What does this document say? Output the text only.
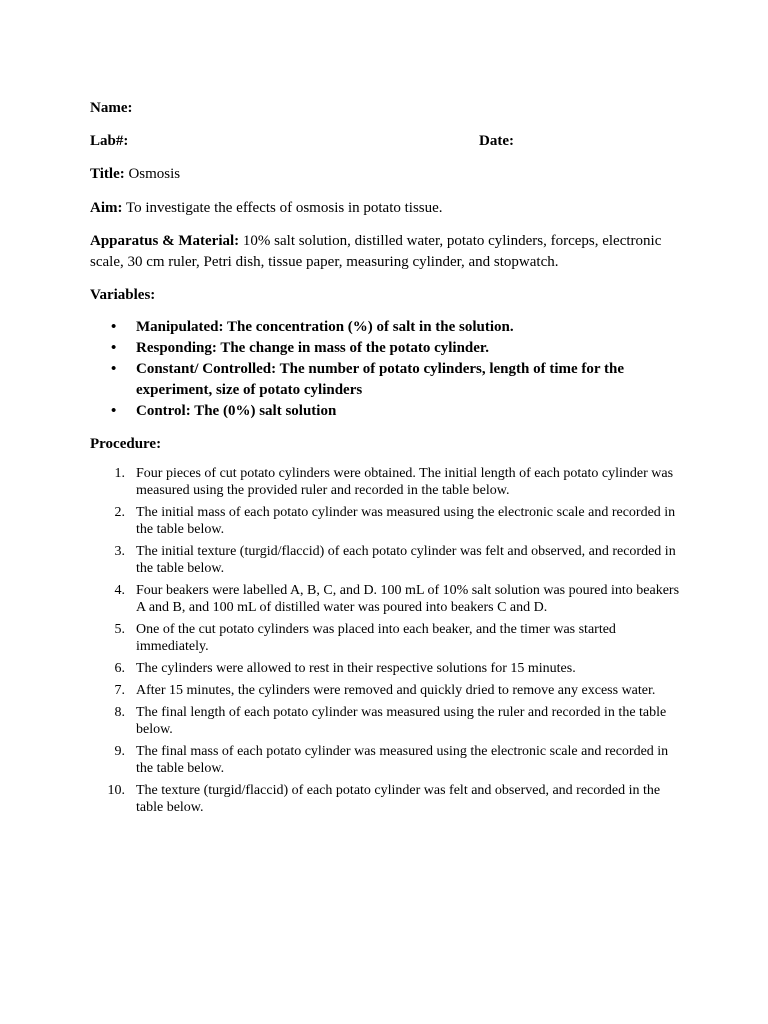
Name:

Lab#:	Date:

Title: Osmosis

Aim: To investigate the effects of osmosis in potato tissue.

Apparatus & Material: 10% salt solution, distilled water, potato cylinders, forceps, electronic scale, 30 cm ruler, Petri dish, tissue paper, measuring cylinder, and stopwatch.

Variables:

• Manipulated: The concentration (%) of salt in the solution.
• Responding: The change in mass of the potato cylinder.
• Constant/ Controlled: The number of potato cylinders, length of time for the experiment, size of potato cylinders
• Control: The (0%) salt solution

Procedure:

1. Four pieces of cut potato cylinders were obtained. The initial length of each potato cylinder was measured using the provided ruler and recorded in the table below.
2. The initial mass of each potato cylinder was measured using the electronic scale and recorded in the table below.
3. The initial texture (turgid/flaccid) of each potato cylinder was felt and observed, and recorded in the table below.
4. Four beakers were labelled A, B, C, and D. 100 mL of 10% salt solution was poured into beakers A and B, and 100 mL of distilled water was poured into beakers C and D.
5. One of the cut potato cylinders was placed into each beaker, and the timer was started immediately.
6. The cylinders were allowed to rest in their respective solutions for 15 minutes.
7. After 15 minutes, the cylinders were removed and quickly dried to remove any excess water.
8. The final length of each potato cylinder was measured using the ruler and recorded in the table below.
9. The final mass of each potato cylinder was measured using the electronic scale and recorded in the table below.
10. The texture (turgid/flaccid) of each potato cylinder was felt and observed, and recorded in the table below.
